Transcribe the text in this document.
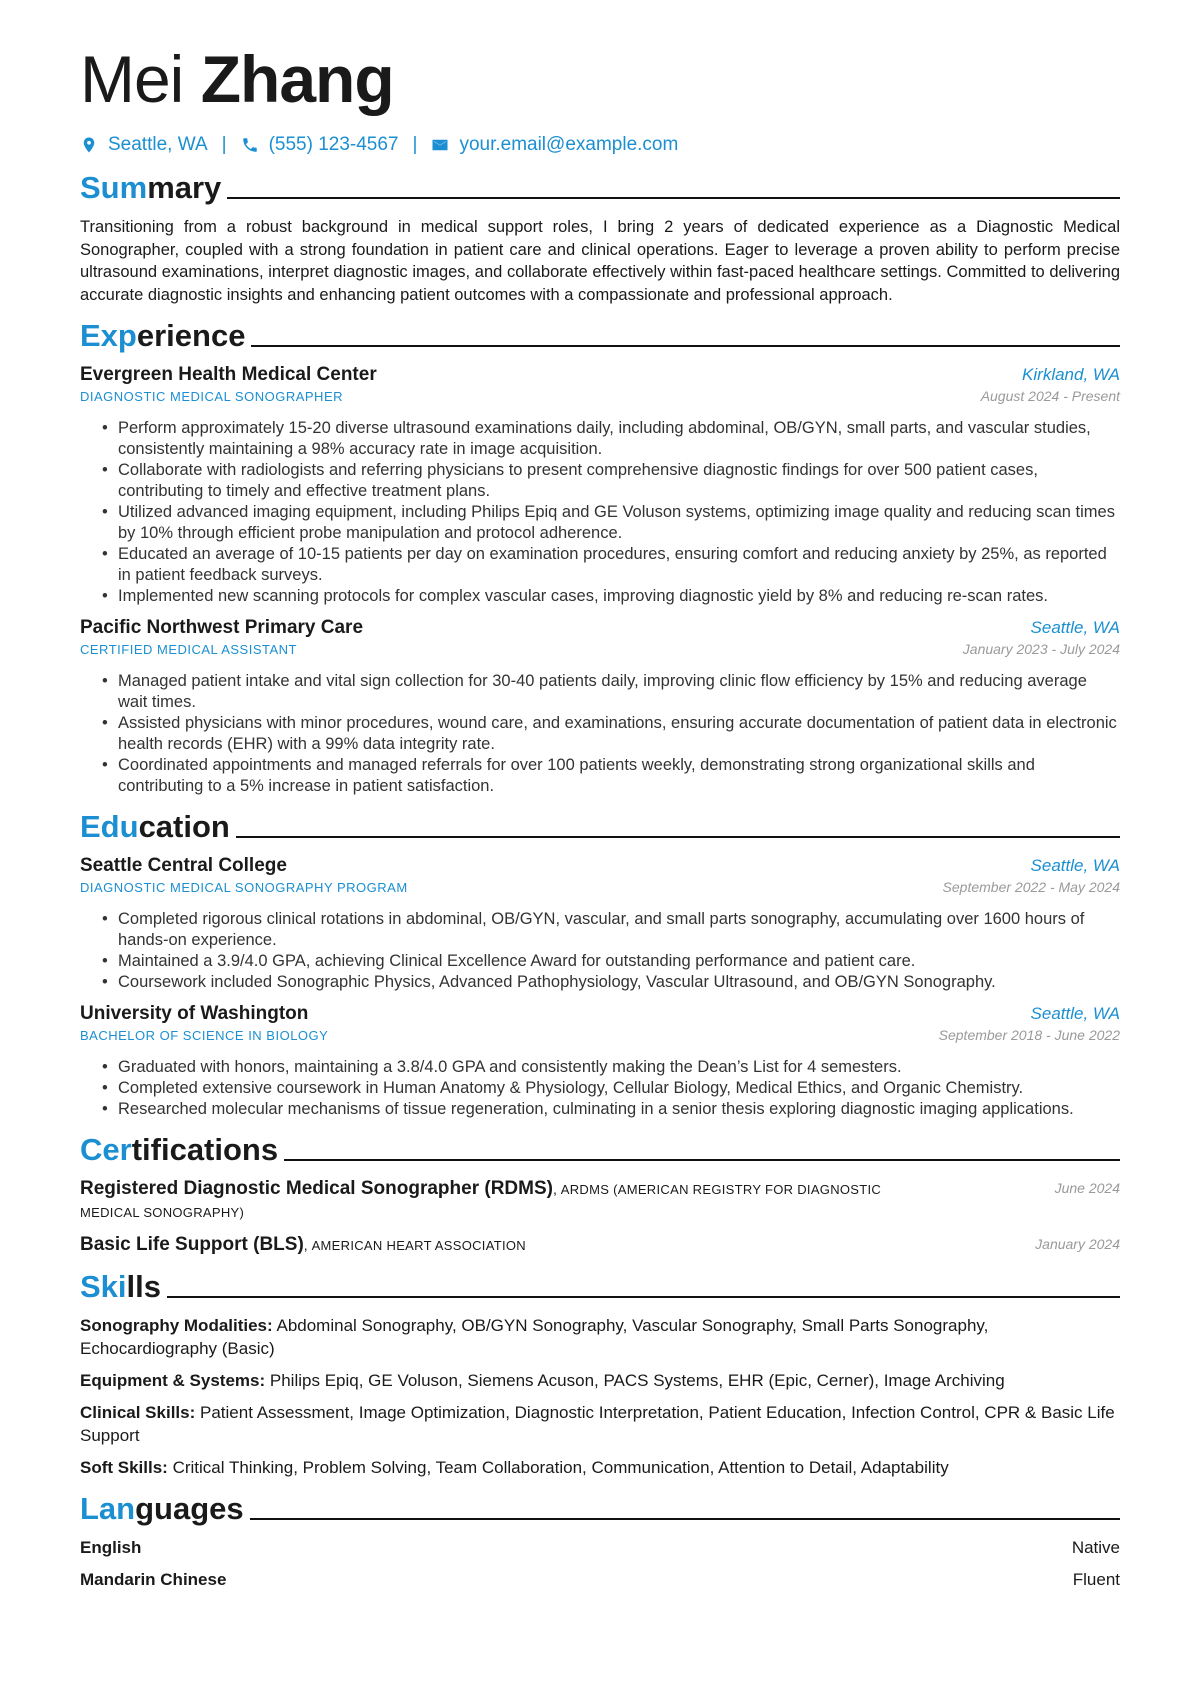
Mei Zhang
Seattle, WA | (555) 123-4567 | your.email@example.com
Summary

Transitioning from a robust background in medical support roles, I bring 2 years of dedicated experience as a Diagnostic Medical Sonographer, coupled with a strong foundation in patient care and clinical operations. Eager to leverage a proven ability to perform precise ultrasound examinations, interpret diagnostic images, and collaborate effectively within fast-paced healthcare settings. Committed to delivering accurate diagnostic insights and enhancing patient outcomes with a compassionate and professional approach.

Experience
Evergreen Health Medical Center	Kirkland, WA
DIAGNOSTIC MEDICAL SONOGRAPHER	August 2024 - Present
• Perform approximately 15-20 diverse ultrasound examinations daily, including abdominal, OB/GYN, small parts, and vascular studies, consistently maintaining a 98% accuracy rate in image acquisition.
• Collaborate with radiologists and referring physicians to present comprehensive diagnostic findings for over 500 patient cases, contributing to timely and effective treatment plans.
• Utilized advanced imaging equipment, including Philips Epiq and GE Voluson systems, optimizing image quality and reducing scan times by 10% through efficient probe manipulation and protocol adherence.
• Educated an average of 10-15 patients per day on examination procedures, ensuring comfort and reducing anxiety by 25%, as reported in patient feedback surveys.
• Implemented new scanning protocols for complex vascular cases, improving diagnostic yield by 8% and reducing re-scan rates.
Pacific Northwest Primary Care	Seattle, WA
CERTIFIED MEDICAL ASSISTANT	January 2023 - July 2024
• Managed patient intake and vital sign collection for 30-40 patients daily, improving clinic flow efficiency by 15% and reducing average wait times.
• Assisted physicians with minor procedures, wound care, and examinations, ensuring accurate documentation of patient data in electronic health records (EHR) with a 99% data integrity rate.
• Coordinated appointments and managed referrals for over 100 patients weekly, demonstrating strong organizational skills and contributing to a 5% increase in patient satisfaction.
Education
Seattle Central College	Seattle, WA
DIAGNOSTIC MEDICAL SONOGRAPHY PROGRAM	September 2022 - May 2024
• Completed rigorous clinical rotations in abdominal, OB/GYN, vascular, and small parts sonography, accumulating over 1600 hours of hands-on experience.
• Maintained a 3.9/4.0 GPA, achieving Clinical Excellence Award for outstanding performance and patient care.
• Coursework included Sonographic Physics, Advanced Pathophysiology, Vascular Ultrasound, and OB/GYN Sonography.
University of Washington	Seattle, WA
BACHELOR OF SCIENCE IN BIOLOGY	September 2018 - June 2022
• Graduated with honors, maintaining a 3.8/4.0 GPA and consistently making the Dean’s List for 4 semesters.
• Completed extensive coursework in Human Anatomy & Physiology, Cellular Biology, Medical Ethics, and Organic Chemistry.
• Researched molecular mechanisms of tissue regeneration, culminating in a senior thesis exploring diagnostic imaging applications.
Certifications
Registered Diagnostic Medical Sonographer (RDMS), ARDMS (AMERICAN REGISTRY FOR DIAGNOSTIC MEDICAL SONOGRAPHY)
June 2024
Basic Life Support (BLS), AMERICAN HEART ASSOCIATION	January 2024
Skills

Sonography Modalities: Abdominal Sonography, OB/GYN Sonography, Vascular Sonography, Small Parts Sonography, Echocardiography (Basic)

Equipment & Systems: Philips Epiq, GE Voluson, Siemens Acuson, PACS Systems, EHR (Epic, Cerner), Image Archiving

Clinical Skills: Patient Assessment, Image Optimization, Diagnostic Interpretation, Patient Education, Infection Control, CPR & Basic Life Support

Soft Skills: Critical Thinking, Problem Solving, Team Collaboration, Communication, Attention to Detail, Adaptability

Languages
English	Native
Mandarin Chinese	Fluent
